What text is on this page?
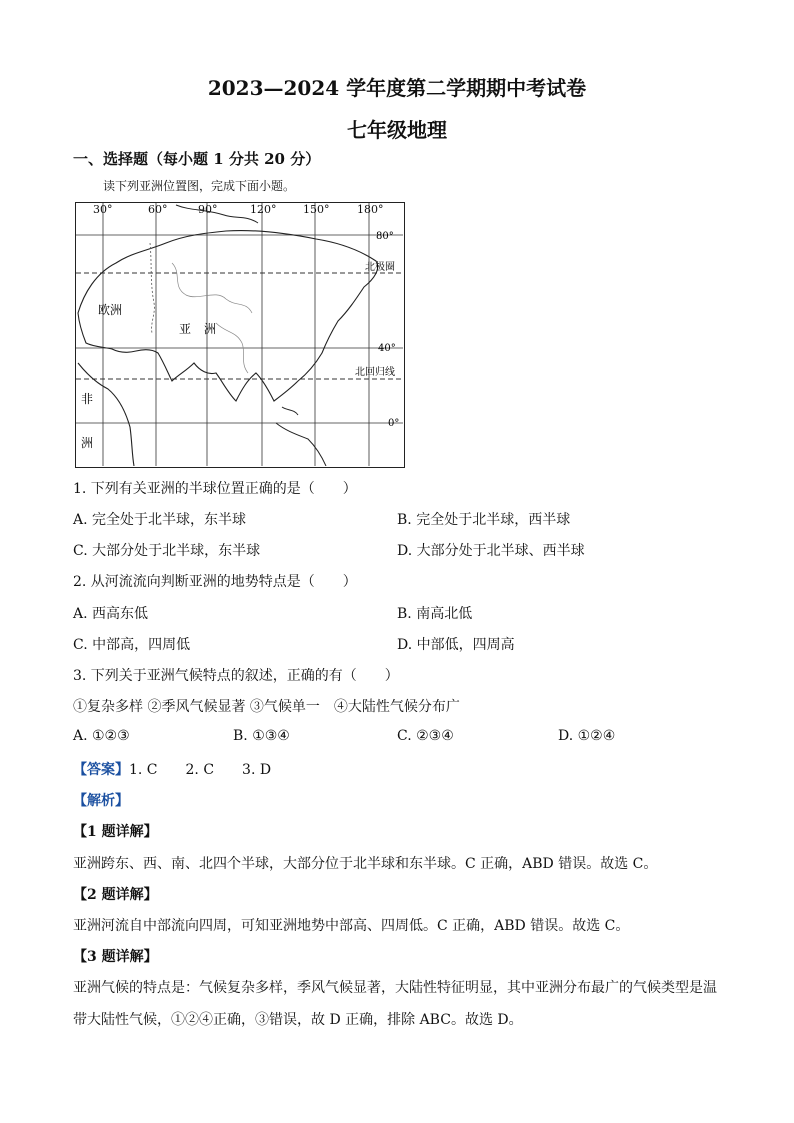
2023—2024 学年度第二学期期中考试卷
七年级地理
一、选择题（每小题 1 分共 20 分）
读下列亚洲位置图，完成下面小题。
80°
北极圈
40°
北回归线
0°
欧洲
亚 洲
非
洲
30°	60°	90°	120° 150°	180°
1. 下列有关亚洲的半球位置正确的是（　　）
A. 完全处于北半球，东半球	B. 完全处于北半球，西半球
C. 大部分处于北半球，东半球	D. 大部分处于北半球、西半球
2. 从河流流向判断亚洲的地势特点是（　　）
A. 西高东低	B. 南高北低
C. 中部高，四周低	D. 中部低，四周高
3. 下列关于亚洲气候特点的叙述，正确的有（　　）
①复杂多样 ②季风气候显著 ③气候单一　④大陆性气候分布广
A. ①②③	B. ①③④	C. ②③④	D. ①②④
【答案】1. C　　2. C　　3. D
【解析】
【1 题详解】
亚洲跨东、西、南、北四个半球，大部分位于北半球和东半球。C 正确，ABD 错误。故选 C。
【2 题详解】
亚洲河流自中部流向四周，可知亚洲地势中部高、四周低。C 正确，ABD 错误。故选 C。
【3 题详解】
亚洲气候的特点是：气候复杂多样，季风气候显著，大陆性特征明显，其中亚洲分布最广的气候类型是温
带大陆性气候，①②④正确，③错误，故 D 正确，排除 ABC。故选 D。
